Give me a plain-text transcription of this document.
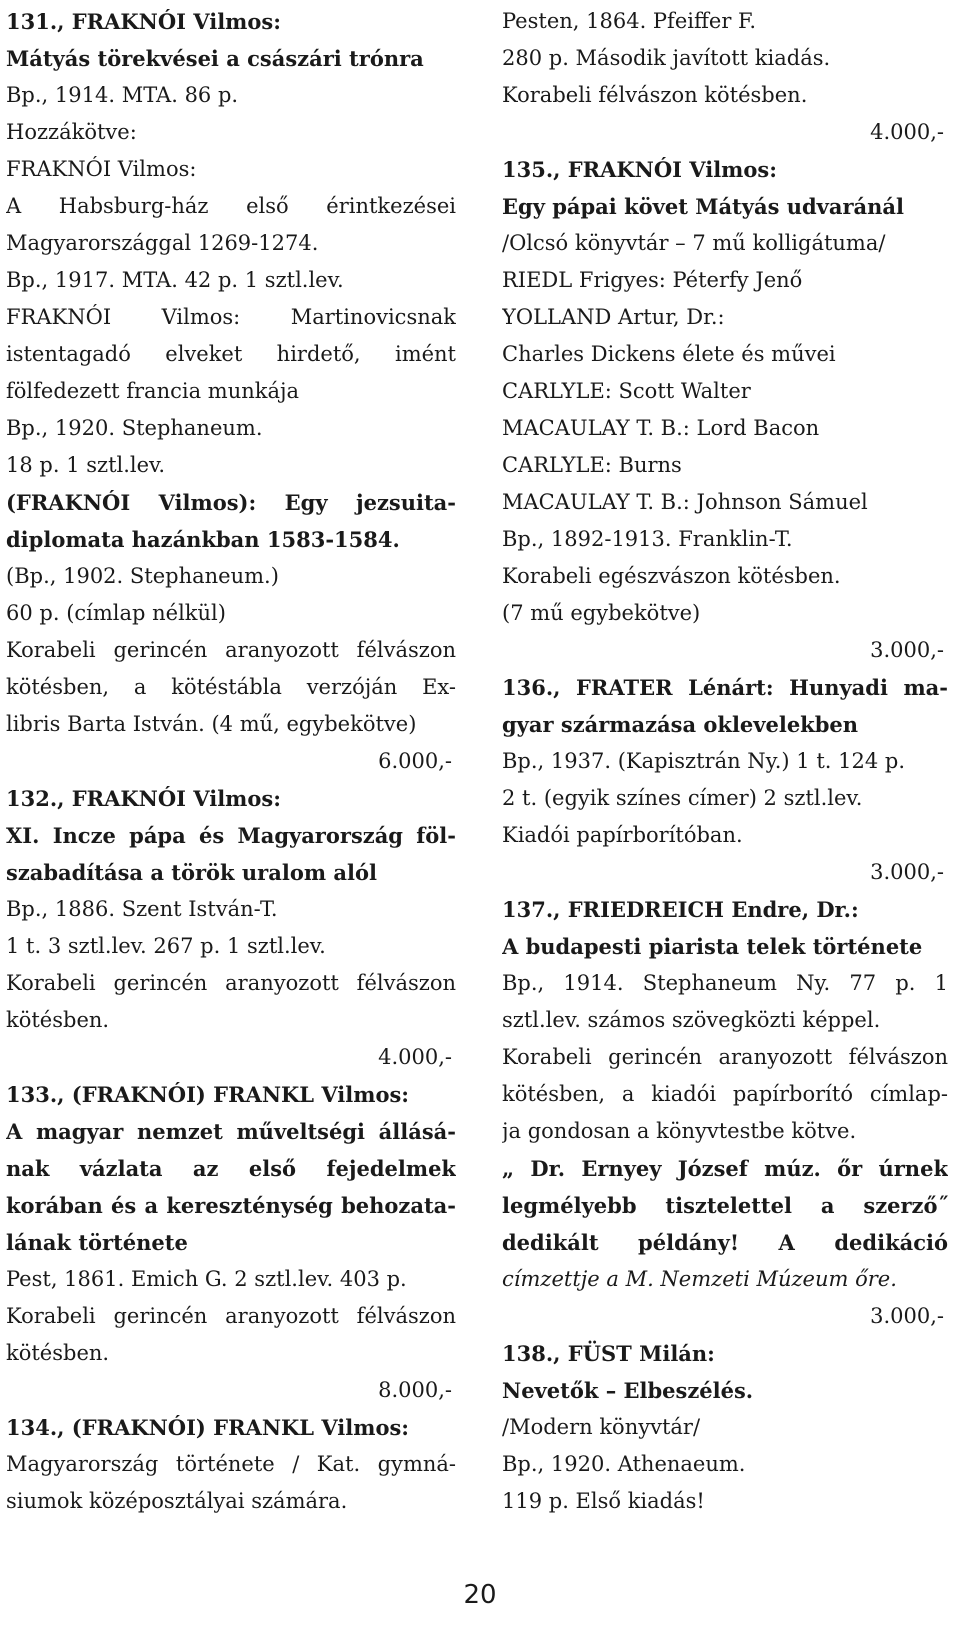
131., FRAKNÓI Vilmos:
Mátyás törekvései a császári trónra
Bp., 1914. MTA. 86 p.
Hozzákötve:
FRAKNÓI Vilmos:
A Habsburg-ház első érintkezései
Magyarországgal 1269-1274.
Bp., 1917. MTA. 42 p. 1 sztl.lev.
FRAKNÓI Vilmos: Martinovicsnak
istentagadó elveket hirdető, imént
fölfedezett francia munkája
Bp., 1920. Stephaneum.
18 p. 1 sztl.lev.
(FRAKNÓI Vilmos): Egy jezsuita-
diplomata hazánkban 1583-1584.
(Bp., 1902. Stephaneum.)
60 p. (címlap nélkül)
Korabeli gerincén aranyozott félvászon
kötésben, a kötéstábla verzóján Ex-
libris Barta István. (4 mű, egybekötve)
6.000,-
132., FRAKNÓI Vilmos:
XI. Incze pápa és Magyarország föl-
szabadítása a török uralom alól
Bp., 1886. Szent István-T.
1 t. 3 sztl.lev. 267 p. 1 sztl.lev.
Korabeli gerincén aranyozott félvászon
kötésben.
4.000,-
133., (FRAKNÓI) FRANKL Vilmos:
A magyar nemzet műveltségi állásá-
nak vázlata az első fejedelmek
korában és a kereszténység behozata-
lának története
Pest, 1861. Emich G. 2 sztl.lev. 403 p.
Korabeli gerincén aranyozott félvászon
kötésben.
8.000,-
134., (FRAKNÓI) FRANKL Vilmos:
Magyarország története / Kat. gymná-
siumok középosztályai számára.
Pesten, 1864. Pfeiffer F.
280 p. Második javított kiadás.
Korabeli félvászon kötésben.
4.000,-
135., FRAKNÓI Vilmos:
Egy pápai követ Mátyás udvaránál
/Olcsó könyvtár – 7 mű kolligátuma/
RIEDL Frigyes: Péterfy Jenő
YOLLAND Artur, Dr.:
Charles Dickens élete és művei
CARLYLE: Scott Walter
MACAULAY T. B.: Lord Bacon
CARLYLE: Burns
MACAULAY T. B.: Johnson Sámuel
Bp., 1892-1913. Franklin-T.
Korabeli egészvászon kötésben.
(7 mű egybekötve)
3.000,-
136., FRATER Lénárt: Hunyadi ma-
gyar származása oklevelekben
Bp., 1937. (Kapisztrán Ny.) 1 t. 124 p.
2 t. (egyik színes címer) 2 sztl.lev.
Kiadói papírborítóban.
3.000,-
137., FRIEDREICH Endre, Dr.:
A budapesti piarista telek története
Bp., 1914. Stephaneum Ny. 77 p. 1
sztl.lev. számos szövegközti képpel.
Korabeli gerincén aranyozott félvászon
kötésben, a kiadói papírborító címlap-
ja gondosan a könyvtestbe kötve.
„ Dr. Ernyey József múz. őr úrnek
legmélyebb tisztelettel a szerző˝
dedikált példány! A dedikáció
címzettje a M. Nemzeti Múzeum őre.
3.000,-
138., FÜST Milán:
Nevetők – Elbeszélés.
/Modern könyvtár/
Bp., 1920. Athenaeum.
119 p. Első kiadás!
20
